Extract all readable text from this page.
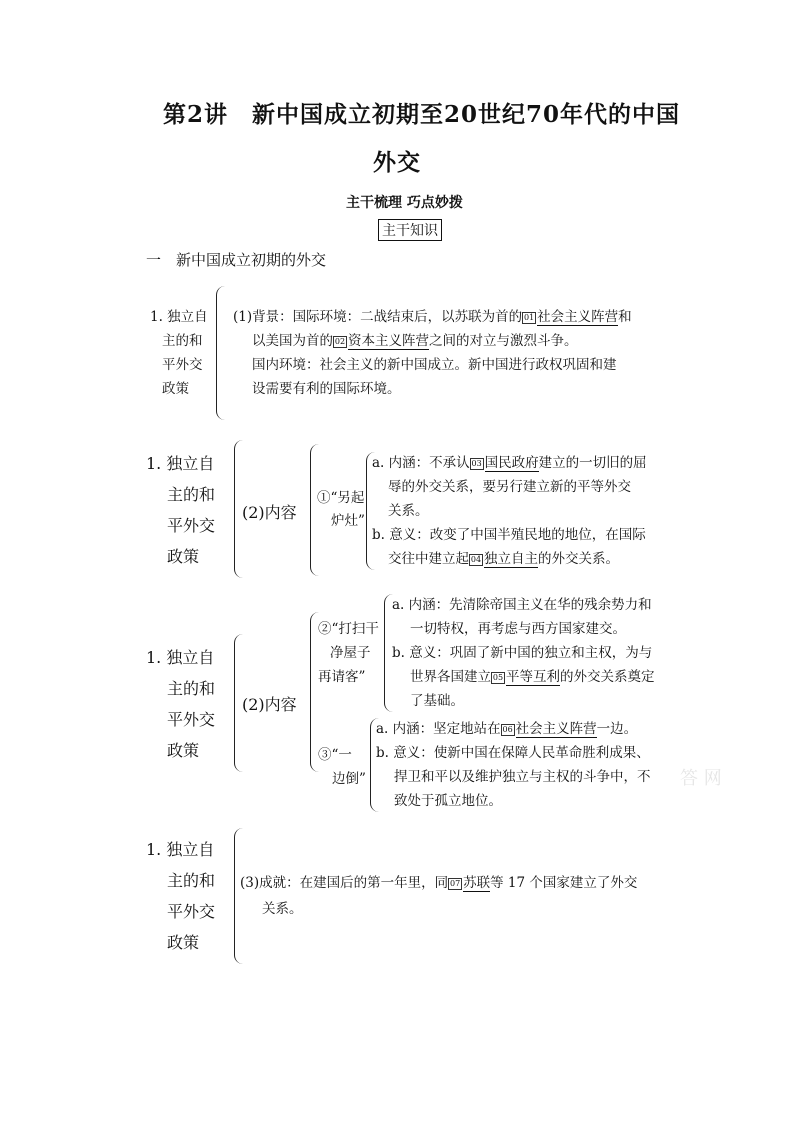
第2讲　新中国成立初期至20世纪70年代的中国
外交
主干梳理 巧点妙拨
主干知识
一　新中国成立初期的外交
1. 独立自
主的和
平外交
政策
(1)背景：国际环境：二战结束后，以苏联为首的 01 社会主义阵营和
以美国为首的 02 资本主义阵营之间的对立与激烈斗争。
国内环境：社会主义的新中国成立。新中国进行政权巩固和建
设需要有利的国际环境。
1. 独立自
主的和
平外交
政策
(2)内容
①“另起
炉灶”
a. 内涵：不承认 03 国民政府建立的一切旧的屈
辱的外交关系，要另行建立新的平等外交
关系。
b. 意义：改变了中国半殖民地的地位，在国际
交往中建立起 04 独立自主的外交关系。
1. 独立自
主的和
平外交
政策
(2)内容
②“打扫干
净屋子
再请客”
a. 内涵：先清除帝国主义在华的残余势力和
一切特权，再考虑与西方国家建交。
b. 意义：巩固了新中国的独立和主权，为与
世界各国建立 05 平等互利的外交关系奠定
了基础。
③“一
边倒”
a. 内涵：坚定地站在 06 社会主义阵营一边。
b. 意义：使新中国在保障人民革命胜利成果、
捍卫和平以及维护独立与主权的斗争中，不
致处于孤立地位。
答 网
1. 独立自
主的和
平外交
政策
(3)成就：在建国后的第一年里，同 07 苏联等 17 个国家建立了外交
关系。
